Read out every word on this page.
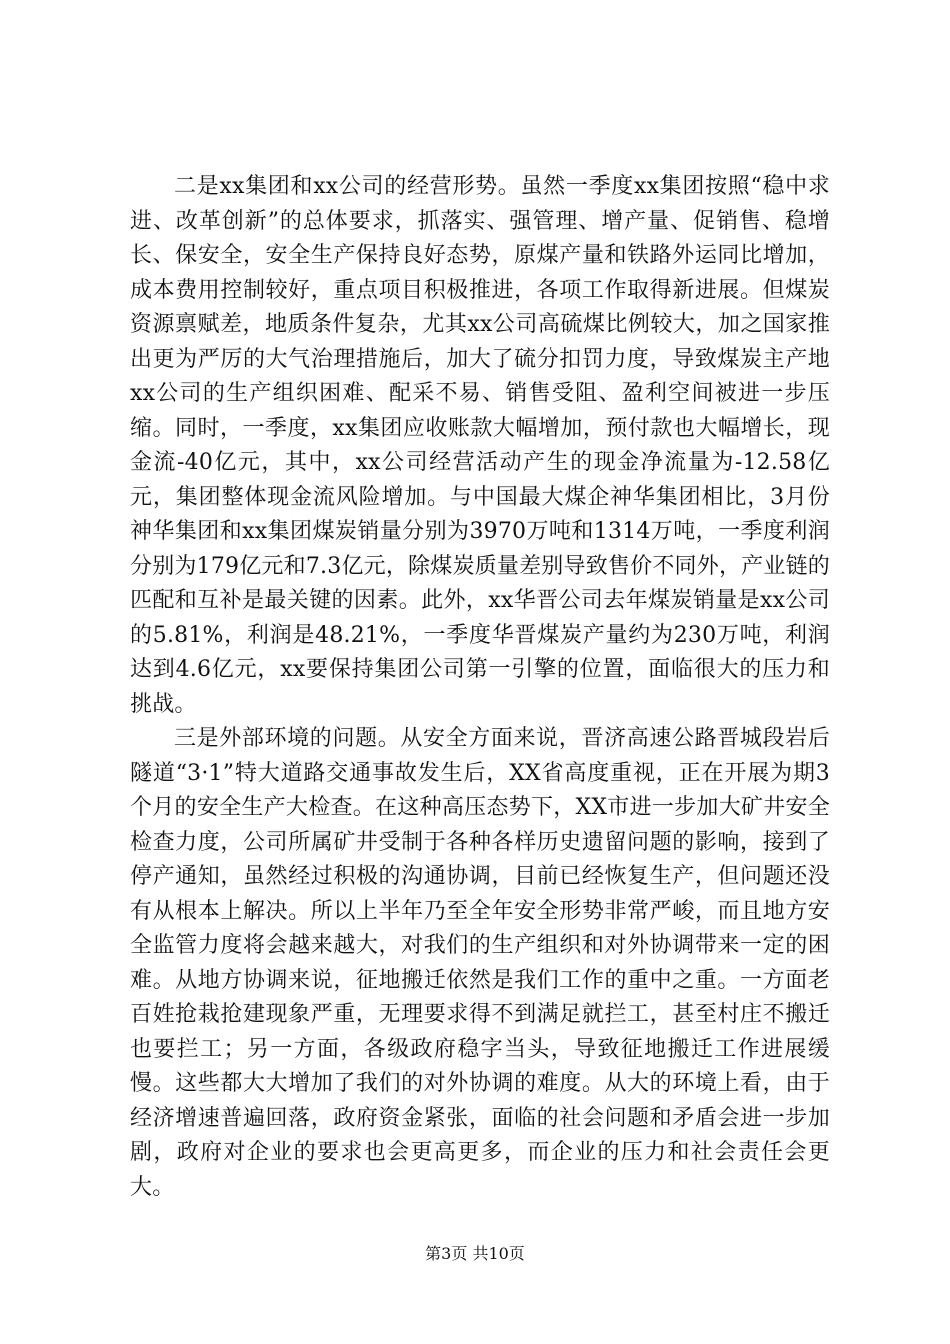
二是xx集团和xx公司的经营形势。虽然一季度xx集团按照“稳中求进、改革创新”的总体要求，抓落实、强管理、增产量、促销售、稳增长、保安全，安全生产保持良好态势，原煤产量和铁路外运同比增加，成本费用控制较好，重点项目积极推进，各项工作取得新进展。但煤炭资源禀赋差，地质条件复杂，尤其xx公司高硫煤比例较大，加之国家推出更为严厉的大气治理措施后，加大了硫分扣罚力度，导致煤炭主产地xx公司的生产组织困难、配采不易、销售受阻、盈利空间被进一步压缩。同时，一季度，xx集团应收账款大幅增加，预付款也大幅增长，现金流-40亿元，其中，xx公司经营活动产生的现金净流量为-12.58亿元，集团整体现金流风险增加。与中国最大煤企神华集团相比，3月份神华集团和xx集团煤炭销量分别为3970万吨和1314万吨，一季度利润分别为179亿元和7.3亿元，除煤炭质量差别导致售价不同外，产业链的匹配和互补是最关键的因素。此外，xx华晋公司去年煤炭销量是xx公司的5.81%，利润是48.21%，一季度华晋煤炭产量约为230万吨，利润达到4.6亿元，xx要保持集团公司第一引擎的位置，面临很大的压力和挑战。

三是外部环境的问题。从安全方面来说，晋济高速公路晋城段岩后隧道“3·1”特大道路交通事故发生后，XX省高度重视，正在开展为期3个月的安全生产大检查。在这种高压态势下，XX市进一步加大矿井安全检查力度，公司所属矿井受制于各种各样历史遗留问题的影响，接到了停产通知，虽然经过积极的沟通协调，目前已经恢复生产，但问题还没有从根本上解决。所以上半年乃至全年安全形势非常严峻，而且地方安全监管力度将会越来越大，对我们的生产组织和对外协调带来一定的困难。从地方协调来说，征地搬迁依然是我们工作的重中之重。一方面老百姓抢栽抢建现象严重，无理要求得不到满足就拦工，甚至村庄不搬迁也要拦工；另一方面，各级政府稳字当头，导致征地搬迁工作进展缓慢。这些都大大增加了我们的对外协调的难度。从大的环境上看，由于经济增速普遍回落，政府资金紧张，面临的社会问题和矛盾会进一步加剧，政府对企业的要求也会更高更多，而企业的压力和社会责任会更大。

第3页 共10页
